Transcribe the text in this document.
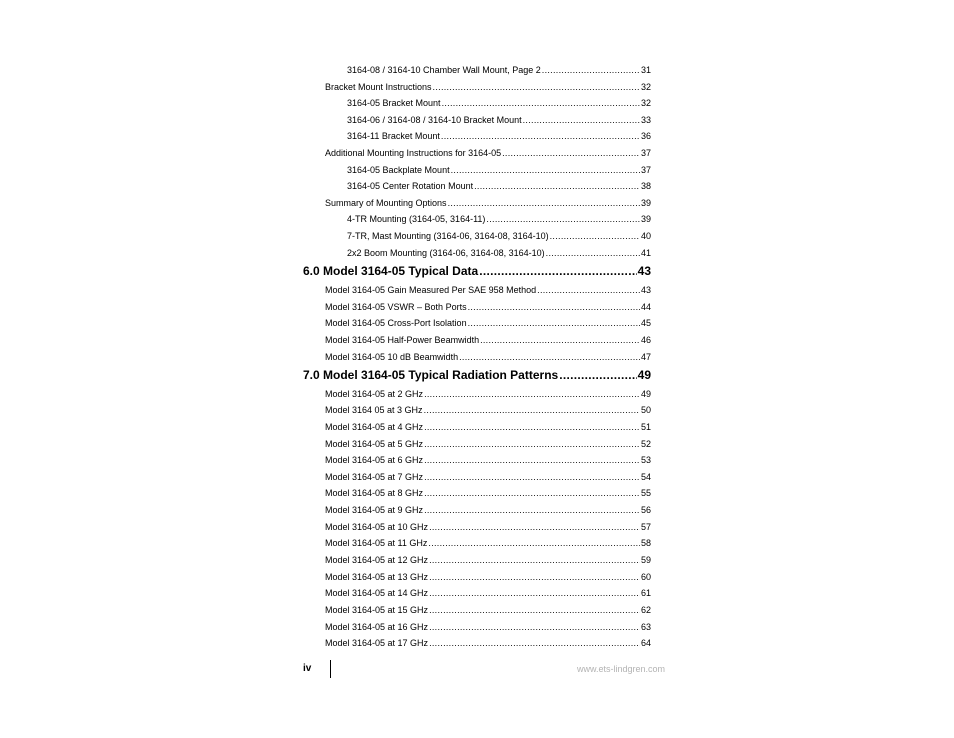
3164-08 / 3164-10 Chamber Wall Mount, Page 2 .....	31
Bracket Mount Instructions .....	32
3164-05 Bracket Mount .....	32
3164-06 / 3164-08 / 3164-10 Bracket Mount .....	33
3164-11 Bracket Mount .....	36
Additional Mounting Instructions for 3164-05 .....	37
3164-05 Backplate Mount .....	37
3164-05 Center Rotation Mount .....	38
Summary of Mounting Options .....	39
4-TR Mounting (3164-05, 3164-11) .....	39
7-TR, Mast Mounting (3164-06, 3164-08, 3164-10) .....	40
2x2 Boom Mounting (3164-06, 3164-08, 3164-10) .....	41
6.0 Model 3164-05 Typical Data .....	43
Model 3164-05 Gain Measured Per SAE 958 Method .....	43
Model 3164-05 VSWR – Both Ports .....	44
Model 3164-05 Cross-Port Isolation .....	45
Model 3164-05 Half-Power Beamwidth .....	46
Model 3164-05 10 dB Beamwidth .....	47
7.0 Model 3164-05 Typical Radiation Patterns .....	49
Model 3164-05 at 2 GHz .....	49
Model 3164 05 at 3 GHz .....	50
Model 3164-05 at 4 GHz .....	51
Model 3164-05 at 5 GHz .....	52
Model 3164-05 at 6 GHz .....	53
Model 3164-05 at 7 GHz .....	54
Model 3164-05 at 8 GHz .....	55
Model 3164-05 at 9 GHz .....	56
Model 3164-05 at 10 GHz .....	57
Model 3164-05 at 11 GHz .....	58
Model 3164-05 at 12 GHz .....	59
Model 3164-05 at 13 GHz .....	60
Model 3164-05 at 14 GHz .....	61
Model 3164-05 at 15 GHz .....	62
Model 3164-05 at 16 GHz .....	63
Model 3164-05 at 17 GHz .....	64
iv	www.ets-lindgren.com
